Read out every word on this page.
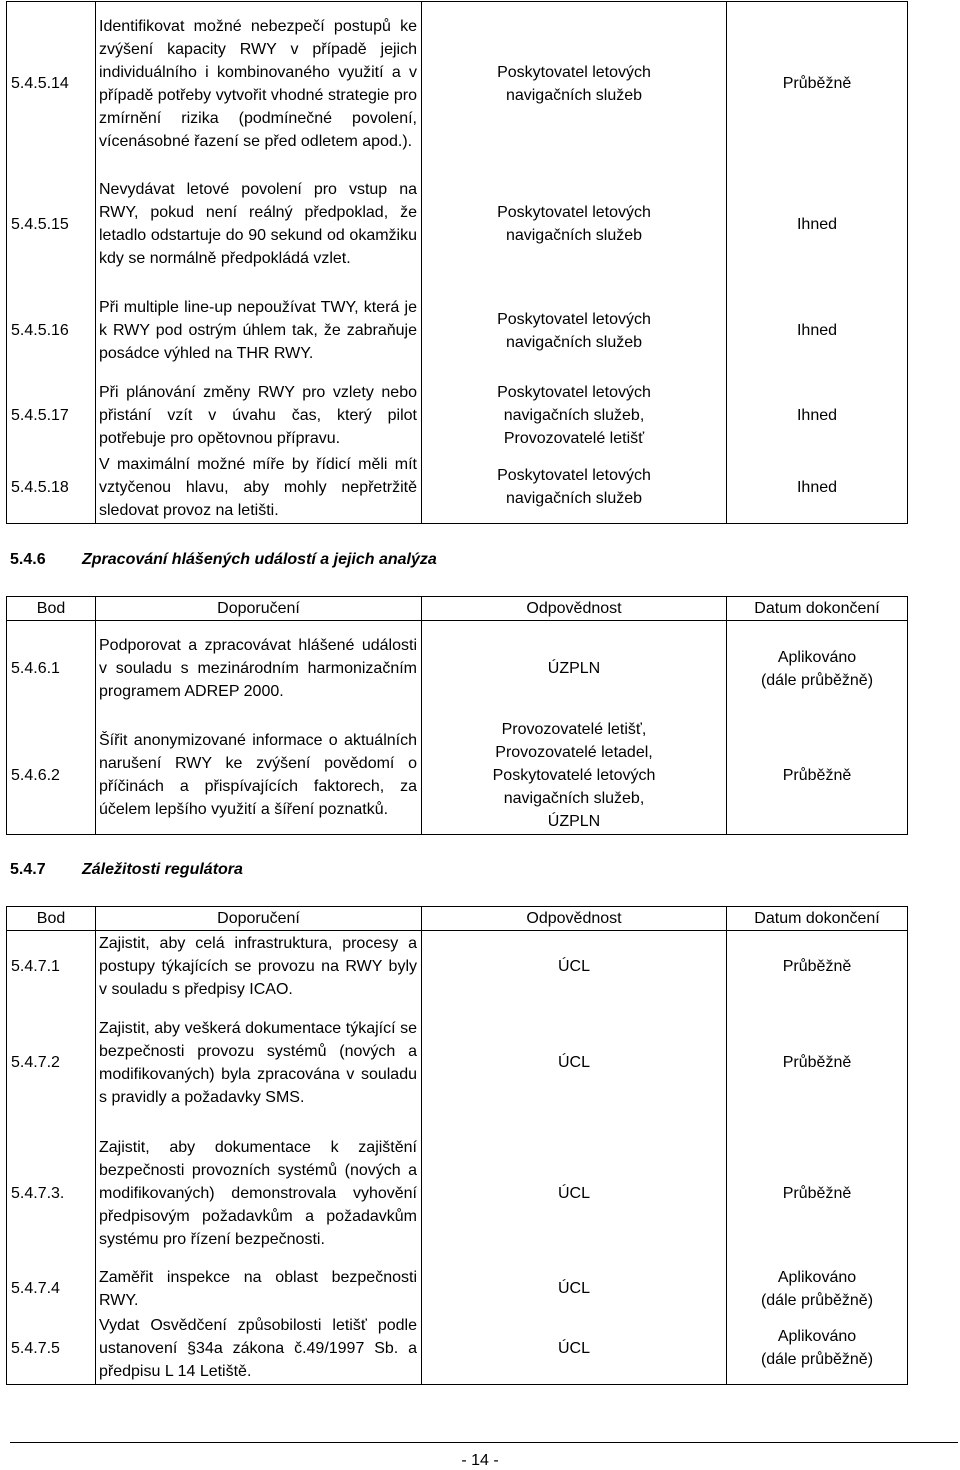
5.4.5.14	Identifikovat možné nebezpečí postupů ke zvýšení kapacity RWY v případě jejich individuálního i kombinovaného využití a v případě potřeby vytvořit vhodné strategie pro zmírnění rizika (podmínečné povolení, vícenásobné řazení se před odletem apod.).	Poskytovatel letových
navigačních služeb	Průběžně
5.4.5.15	Nevydávat letové povolení pro vstup na RWY, pokud není reálný předpoklad, že letadlo odstartuje do 90 sekund od okamžiku kdy se normálně předpokládá vzlet.	Poskytovatel letových
navigačních služeb	Ihned
5.4.5.16	Při multiple line-up nepoužívat TWY, která je k RWY pod ostrým úhlem tak, že zabraňuje posádce výhled na THR RWY.	Poskytovatel letových
navigačních služeb	Ihned
5.4.5.17	Při plánování změny RWY pro vzlety nebo přistání vzít v úvahu čas, který pilot potřebuje pro opětovnou přípravu.	Poskytovatel letových
navigačních služeb,
Provozovatelé letišť	Ihned
5.4.5.18	V maximální možné míře by řídicí měli mít vztyčenou hlavu, aby mohly nepřetržitě sledovat provoz na letišti.	Poskytovatel letových
navigačních služeb	Ihned
5.4.6 Zpracování hlášených událostí a jejich analýza
Bod	Doporučení	Odpovědnost	Datum dokončení
5.4.6.1	Podporovat a zpracovávat hlášené události v souladu s mezinárodním harmonizačním programem ADREP 2000.	ÚZPLN	Aplikováno
(dále průběžně)
5.4.6.2	Šířit anonymizované informace o aktuálních narušení RWY ke zvýšení povědomí o příčinách a přispívajících faktorech, za účelem lepšího využití a šíření poznatků.	Provozovatelé letišť,
Provozovatelé letadel,
Poskytovatelé letových
navigačních služeb,
ÚZPLN	Průběžně
5.4.7 Záležitosti regulátora
Bod	Doporučení	Odpovědnost	Datum dokončení
5.4.7.1	Zajistit, aby celá infrastruktura, procesy a postupy týkajících se provozu na RWY byly v souladu s předpisy ICAO.	ÚCL	Průběžně
5.4.7.2	Zajistit, aby veškerá dokumentace týkající se bezpečnosti provozu systémů (nových a modifikovaných) byla zpracována v souladu s pravidly a požadavky SMS.	ÚCL	Průběžně
5.4.7.3.	Zajistit, aby dokumentace k zajištění bezpečnosti provozních systémů (nových a modifikovaných) demonstrovala vyhovění předpisovým požadavkům a požadavkům systému pro řízení bezpečnosti.	ÚCL	Průběžně
5.4.7.4	Zaměřit inspekce na oblast bezpečnosti RWY.	ÚCL	Aplikováno
(dále průběžně)
5.4.7.5	Vydat Osvědčení způsobilosti letišť podle ustanovení §34a zákona č.49/1997 Sb. a předpisu L 14 Letiště.	ÚCL	Aplikováno
(dále průběžně)
- 14 -
